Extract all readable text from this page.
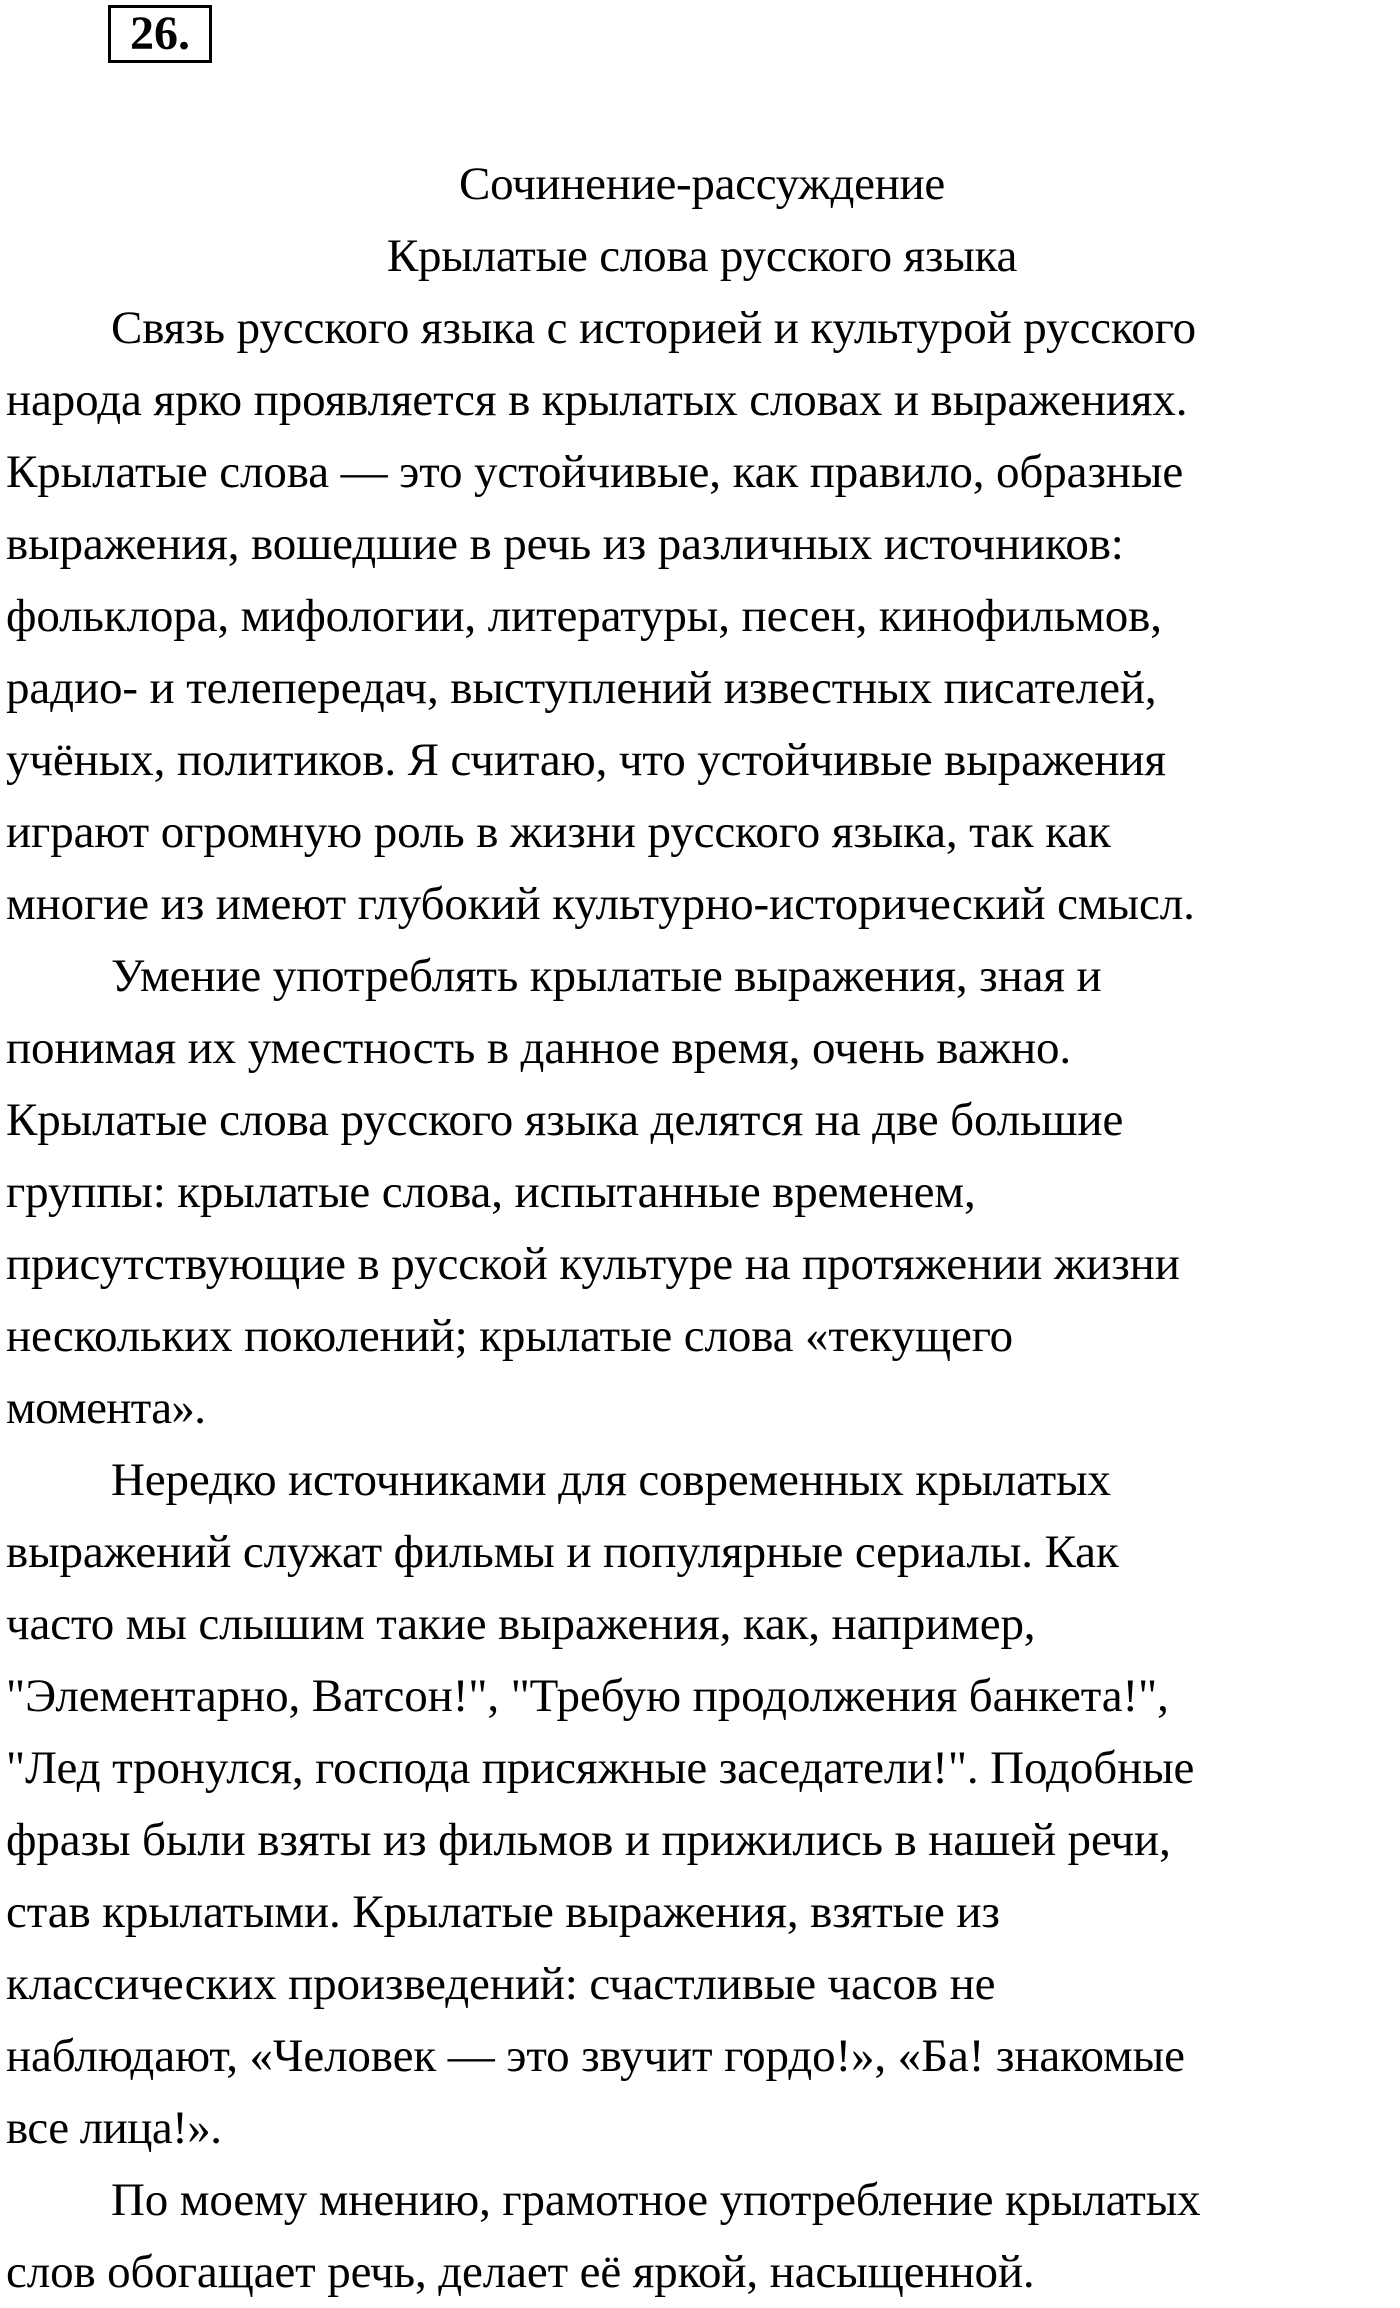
26.
Сочинение-рассуждение
Крылатые слова русского языка
Связь русского языка с историей и культурой русского
народа ярко проявляется в крылатых словах и выражениях.
Крылатые слова — это устойчивые, как правило, образные
выражения, вошедшие в речь из различных источников:
фольклора, мифологии, литературы, песен, кинофильмов,
радио- и телепередач, выступлений известных писателей,
учёных, политиков. Я считаю, что устойчивые выражения
играют огромную роль в жизни русского языка, так как
многие из имеют глубокий культурно-исторический смысл.
Умение употреблять крылатые выражения, зная и
понимая их уместность в данное время, очень важно.
Крылатые слова русского языка делятся на две большие
группы: крылатые слова, испытанные временем,
присутствующие в русской культуре на протяжении жизни
нескольких поколений; крылатые слова «текущего
момента».
Нередко источниками для современных крылатых
выражений служат фильмы и популярные сериалы. Как
часто мы слышим такие выражения, как, например,
"Элементарно, Ватсон!", "Требую продолжения банкета!",
"Лед тронулся, господа присяжные заседатели!". Подобные
фразы были взяты из фильмов и прижились в нашей речи,
став крылатыми. Крылатые выражения, взятые из
классических произведений: счастливые часов не
наблюдают, «Человек — это звучит гордо!», «Ба! знакомые
все лица!».
По моему мнению, грамотное употребление крылатых
слов обогащает речь, делает её яркой, насыщенной.
